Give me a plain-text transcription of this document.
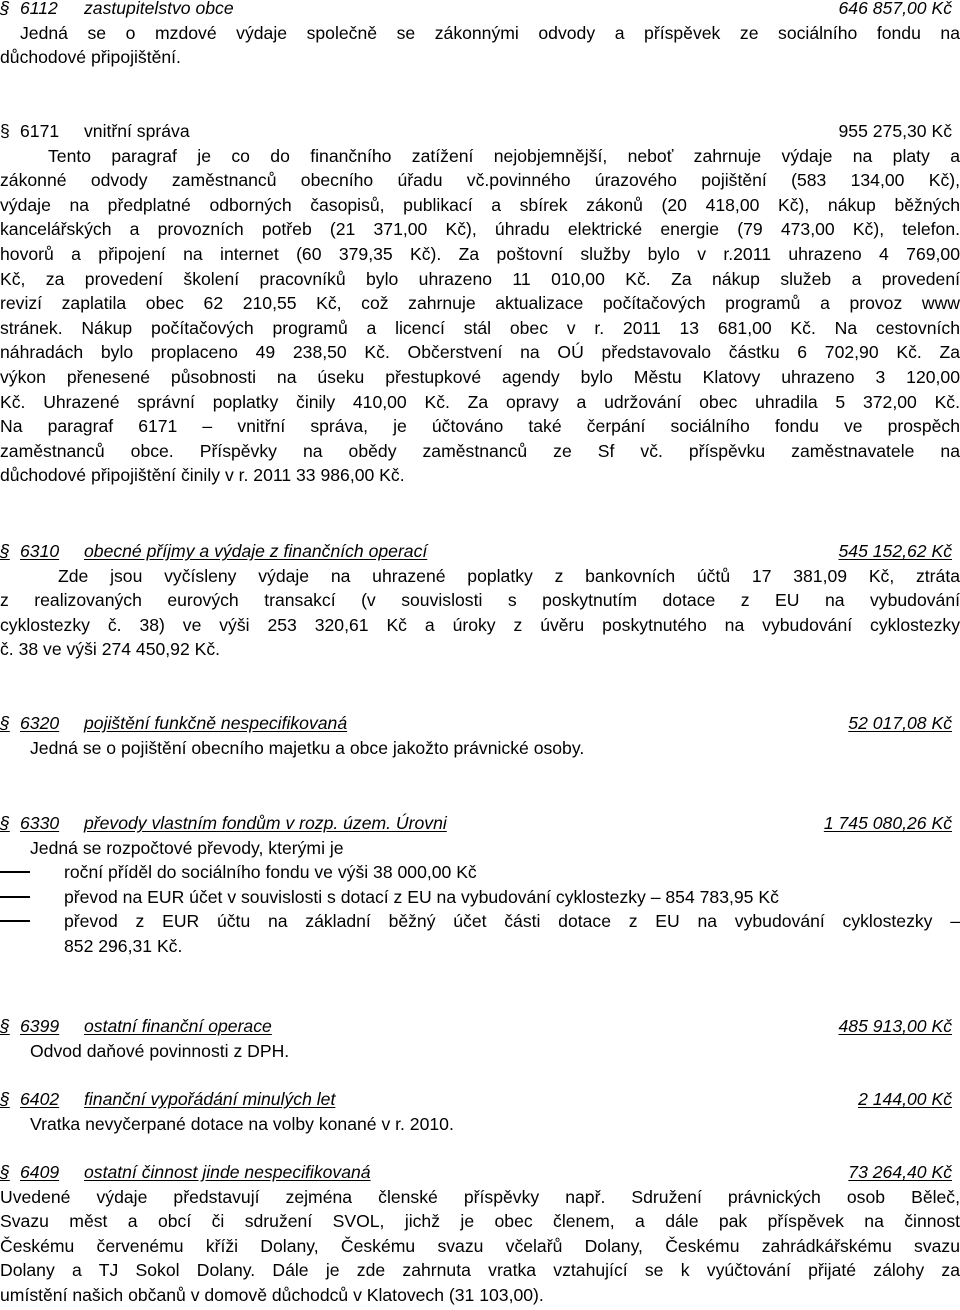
§ 6112 zastupitelstvo obce	646 857,00 Kč
Jedná se o mzdové výdaje společně se zákonnými odvody a příspěvek ze sociálního fondu na
důchodové připojištění.
§ 6171 vnitřní správa	955 275,30 Kč
Tento paragraf je co do finančního zatížení nejobjemnější, neboť zahrnuje výdaje na platy a
zákonné odvody zaměstnanců obecního úřadu vč.povinného úrazového pojištění (583 134,00 Kč),
výdaje na předplatné odborných časopisů, publikací a sbírek zákonů (20 418,00 Kč), nákup běžných
kancelářských a provozních potřeb (21 371,00 Kč), úhradu elektrické energie (79 473,00 Kč), telefon.
hovorů a připojení na internet (60 379,35 Kč). Za poštovní služby bylo v r.2011 uhrazeno 4 769,00
Kč, za provedení školení pracovníků bylo uhrazeno 11 010,00 Kč. Za nákup služeb a provedení
revizí zaplatila obec 62 210,55 Kč, což zahrnuje aktualizace počítačových programů a provoz www
stránek. Nákup počítačových programů a licencí stál obec v r. 2011 13 681,00 Kč. Na cestovních
náhradách bylo proplaceno 49 238,50 Kč. Občerstvení na OÚ představovalo částku 6 702,90 Kč. Za
výkon přenesené působnosti na úseku přestupkové agendy bylo Městu Klatovy uhrazeno 3 120,00
Kč. Uhrazené správní poplatky činily 410,00 Kč. Za opravy a udržování obec uhradila 5 372,00 Kč.
Na paragraf 6171 – vnitřní správa, je účtováno také čerpání sociálního fondu ve prospěch
zaměstnanců obce. Příspěvky na obědy zaměstnanců ze Sf vč. příspěvku zaměstnavatele na
důchodové připojištění činily v r. 2011 33 986,00 Kč.
§ 6310 obecné příjmy a výdaje z finančních operací	545 152,62 Kč
Zde jsou vyčísleny výdaje na uhrazené poplatky z bankovních účtů 17 381,09 Kč, ztráta
z realizovaných eurových transakcí (v souvislosti s poskytnutím dotace z EU na vybudování
cyklostezky č. 38) ve výši 253 320,61 Kč a úroky z úvěru poskytnutého na vybudování cyklostezky
č. 38 ve výši 274 450,92 Kč.
§ 6320 pojištění funkčně nespecifikovaná	52 017,08 Kč
Jedná se o pojištění obecního majetku a obce jakožto právnické osoby.
§ 6330 převody vlastním fondům v rozp. územ. Úrovni	1 745 080,26 Kč
Jedná se rozpočtové převody, kterými je
roční příděl do sociálního fondu ve výši 38 000,00 Kč
převod na EUR účet v souvislosti s dotací z EU na vybudování cyklostezky – 854 783,95 Kč
převod z EUR účtu na základní běžný účet části dotace z EU na vybudování cyklostezky –
852 296,31 Kč.
§ 6399 ostatní finanční operace	485 913,00 Kč
Odvod daňové povinnosti z DPH.
§ 6402 finanční vypořádání minulých let	2 144,00 Kč
Vratka nevyčerpané dotace na volby konané v r. 2010.
§ 6409 ostatní činnost jinde nespecifikovaná	73 264,40 Kč
Uvedené výdaje představují zejména členské příspěvky např. Sdružení právnických osob Běleč,
Svazu měst a obcí či sdružení SVOL, jichž je obec členem, a dále pak příspěvek na činnost
Českému červenému kříži Dolany, Českému svazu včelařů Dolany, Českému zahrádkářskému svazu
Dolany a TJ Sokol Dolany. Dále je zde zahrnuta vratka vztahující se k vyúčtování přijaté zálohy za
umístění našich občanů v domově důchodců v Klatovech (31 103,00).
